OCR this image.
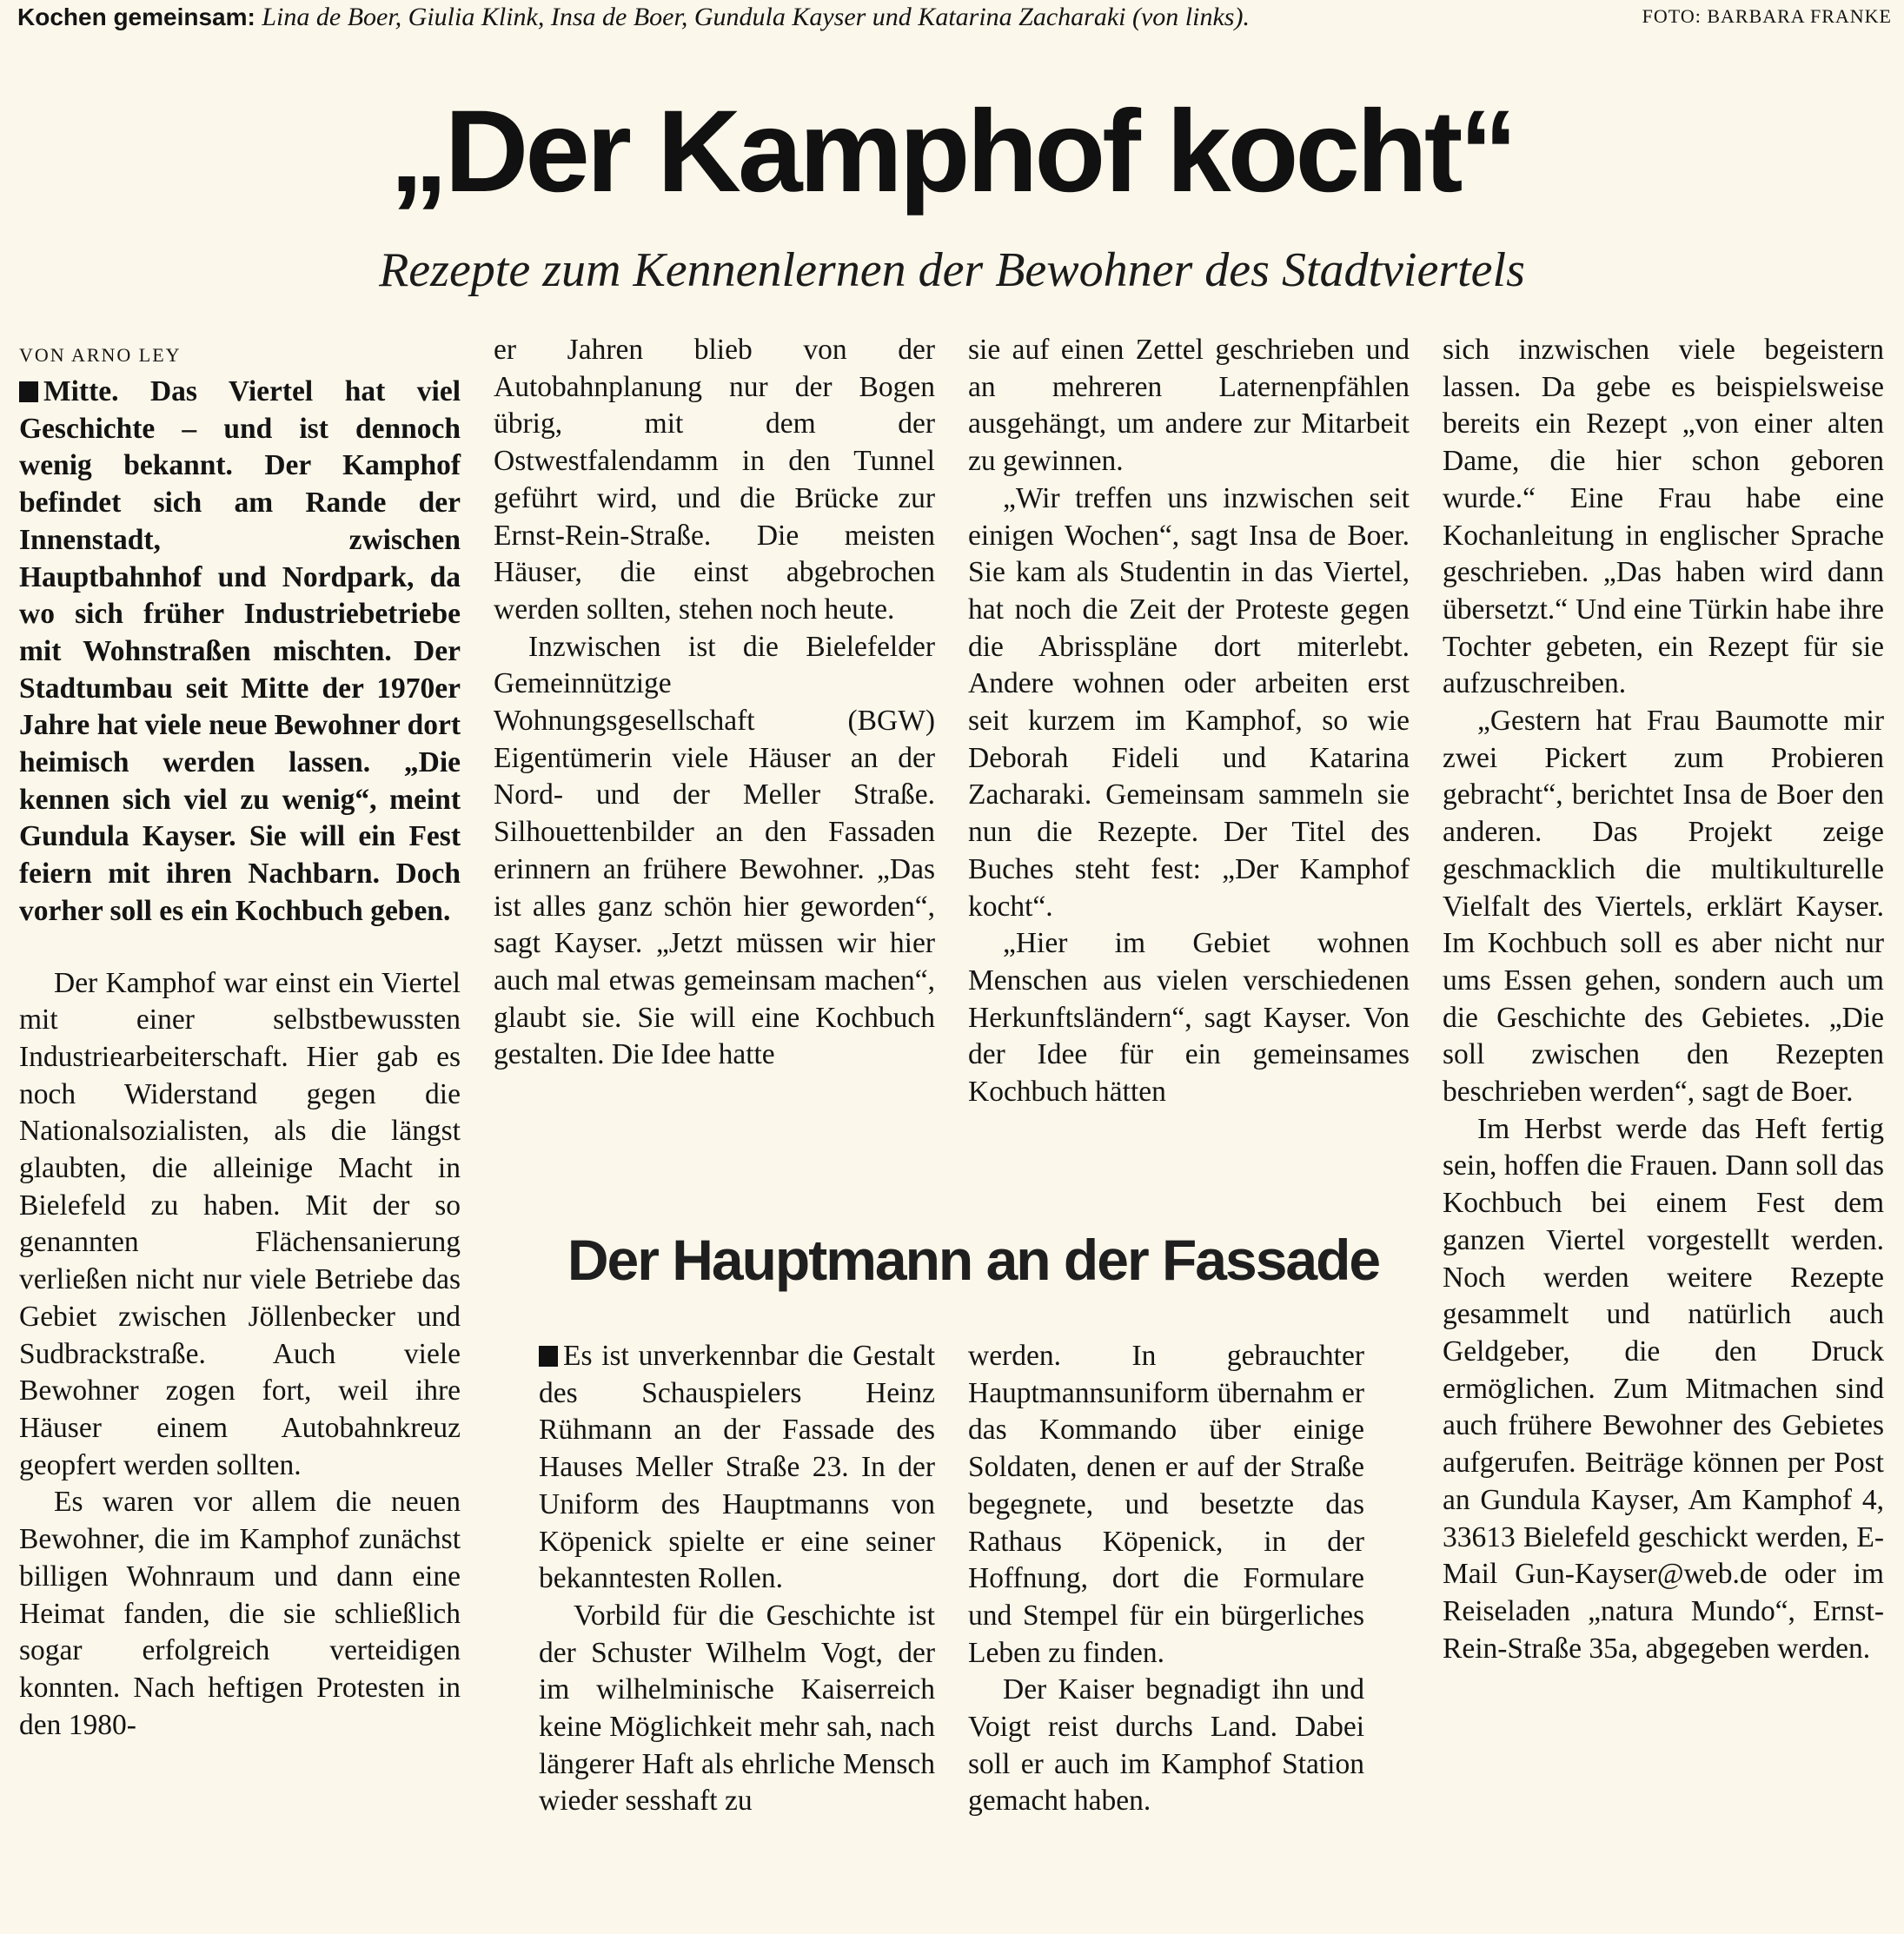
Kochen gemeinsam: Lina de Boer, Giulia Klink, Insa de Boer, Gundula Kayser und Katarina Zacharaki (von links).	FOTO: BARBARA FRANKE
„Der Kamphof kocht“
Rezepte zum Kennenlernen der Bewohner des Stadtviertels

VON ARNO LEY

Mitte. Das Viertel hat viel Geschichte – und ist dennoch wenig bekannt. Der Kamphof befindet sich am Rande der Innenstadt, zwischen Hauptbahnhof und Nordpark, da wo sich früher Industriebetriebe mit Wohnstraßen mischten. Der Stadtumbau seit Mitte der 1970er Jahre hat viele neue Bewohner dort heimisch werden lassen. „Die kennen sich viel zu wenig“, meint Gundula Kayser. Sie will ein Fest feiern mit ihren Nachbarn. Doch vorher soll es ein Kochbuch geben.

Der Kamphof war einst ein Viertel mit einer selbstbewussten Industriearbeiterschaft. Hier gab es noch Widerstand gegen die Nationalsozialisten, als die längst glaubten, die alleinige Macht in Bielefeld zu haben. Mit der so genannten Flächensanierung verließen nicht nur viele Betriebe das Gebiet zwischen Jöllenbecker und Sudbrackstraße. Auch viele Bewohner zogen fort, weil ihre Häuser einem Autobahnkreuz geopfert werden sollten.

Es waren vor allem die neuen Bewohner, die im Kamphof zunächst billigen Wohnraum und dann eine Heimat fanden, die sie schließlich sogar erfolgreich verteidigen konnten. Nach heftigen Protesten in den 1980-

er Jahren blieb von der Autobahnplanung nur der Bogen übrig, mit dem der Ostwestfalendamm in den Tunnel geführt wird, und die Brücke zur Ernst-Rein-Straße. Die meisten Häuser, die einst abgebrochen werden sollten, stehen noch heute.

Inzwischen ist die Bielefelder Gemeinnützige Wohnungsgesellschaft (BGW) Eigentümerin viele Häuser an der Nord- und der Meller Straße. Silhouettenbilder an den Fassaden erinnern an frühere Bewohner. „Das ist alles ganz schön hier geworden“, sagt Kayser. „Jetzt müssen wir hier auch mal etwas gemeinsam machen“, glaubt sie. Sie will eine Kochbuch gestalten. Die Idee hatte

sie auf einen Zettel geschrieben und an mehreren Laternenpfählen ausgehängt, um andere zur Mitarbeit zu gewinnen.

„Wir treffen uns inzwischen seit einigen Wochen“, sagt Insa de Boer. Sie kam als Studentin in das Viertel, hat noch die Zeit der Proteste gegen die Abrisspläne dort miterlebt. Andere wohnen oder arbeiten erst seit kurzem im Kamphof, so wie Deborah Fideli und Katarina Zacharaki. Gemeinsam sammeln sie nun die Rezepte. Der Titel des Buches steht fest: „Der Kamphof kocht“.

„Hier im Gebiet wohnen Menschen aus vielen verschiedenen Herkunftsländern“, sagt Kayser. Von der Idee für ein gemeinsames Kochbuch hätten

sich inzwischen viele begeistern lassen. Da gebe es beispielsweise bereits ein Rezept „von einer alten Dame, die hier schon geboren wurde.“ Eine Frau habe eine Kochanleitung in englischer Sprache geschrieben. „Das haben wird dann übersetzt.“ Und eine Türkin habe ihre Tochter gebeten, ein Rezept für sie aufzuschreiben.

„Gestern hat Frau Baumotte mir zwei Pickert zum Probieren gebracht“, berichtet Insa de Boer den anderen. Das Projekt zeige geschmacklich die multikulturelle Vielfalt des Viertels, erklärt Kayser. Im Kochbuch soll es aber nicht nur ums Essen gehen, sondern auch um die Geschichte des Gebietes. „Die soll zwischen den Rezepten beschrieben werden“, sagt de Boer.

Im Herbst werde das Heft fertig sein, hoffen die Frauen. Dann soll das Kochbuch bei einem Fest dem ganzen Viertel vorgestellt werden. Noch werden weitere Rezepte gesammelt und natürlich auch Geldgeber, die den Druck ermöglichen. Zum Mitmachen sind auch frühere Bewohner des Gebietes aufgerufen. Beiträge können per Post an Gundula Kayser, Am Kamphof 4, 33613 Bielefeld geschickt werden, E-Mail Gun-Kayser@web.de oder im Reiseladen „natura Mundo“, Ernst-Rein-Straße 35a, abgegeben werden.

Der Hauptmann an der Fassade

Es ist unverkennbar die Gestalt des Schauspielers Heinz Rühmann an der Fassade des Hauses Meller Straße 23. In der Uniform des Hauptmanns von Köpenick spielte er eine seiner bekanntesten Rollen.

Vorbild für die Geschichte ist der Schuster Wilhelm Vogt, der im wilhelminische Kaiserreich keine Möglichkeit mehr sah, nach längerer Haft als ehrliche Mensch wieder sesshaft zu

werden. In gebrauchter Hauptmannsuniform übernahm er das Kommando über einige Soldaten, denen er auf der Straße begegnete, und besetzte das Rathaus Köpenick, in der Hoffnung, dort die Formulare und Stempel für ein bürgerliches Leben zu finden.

Der Kaiser begnadigt ihn und Voigt reist durchs Land. Dabei soll er auch im Kamphof Station gemacht haben.
